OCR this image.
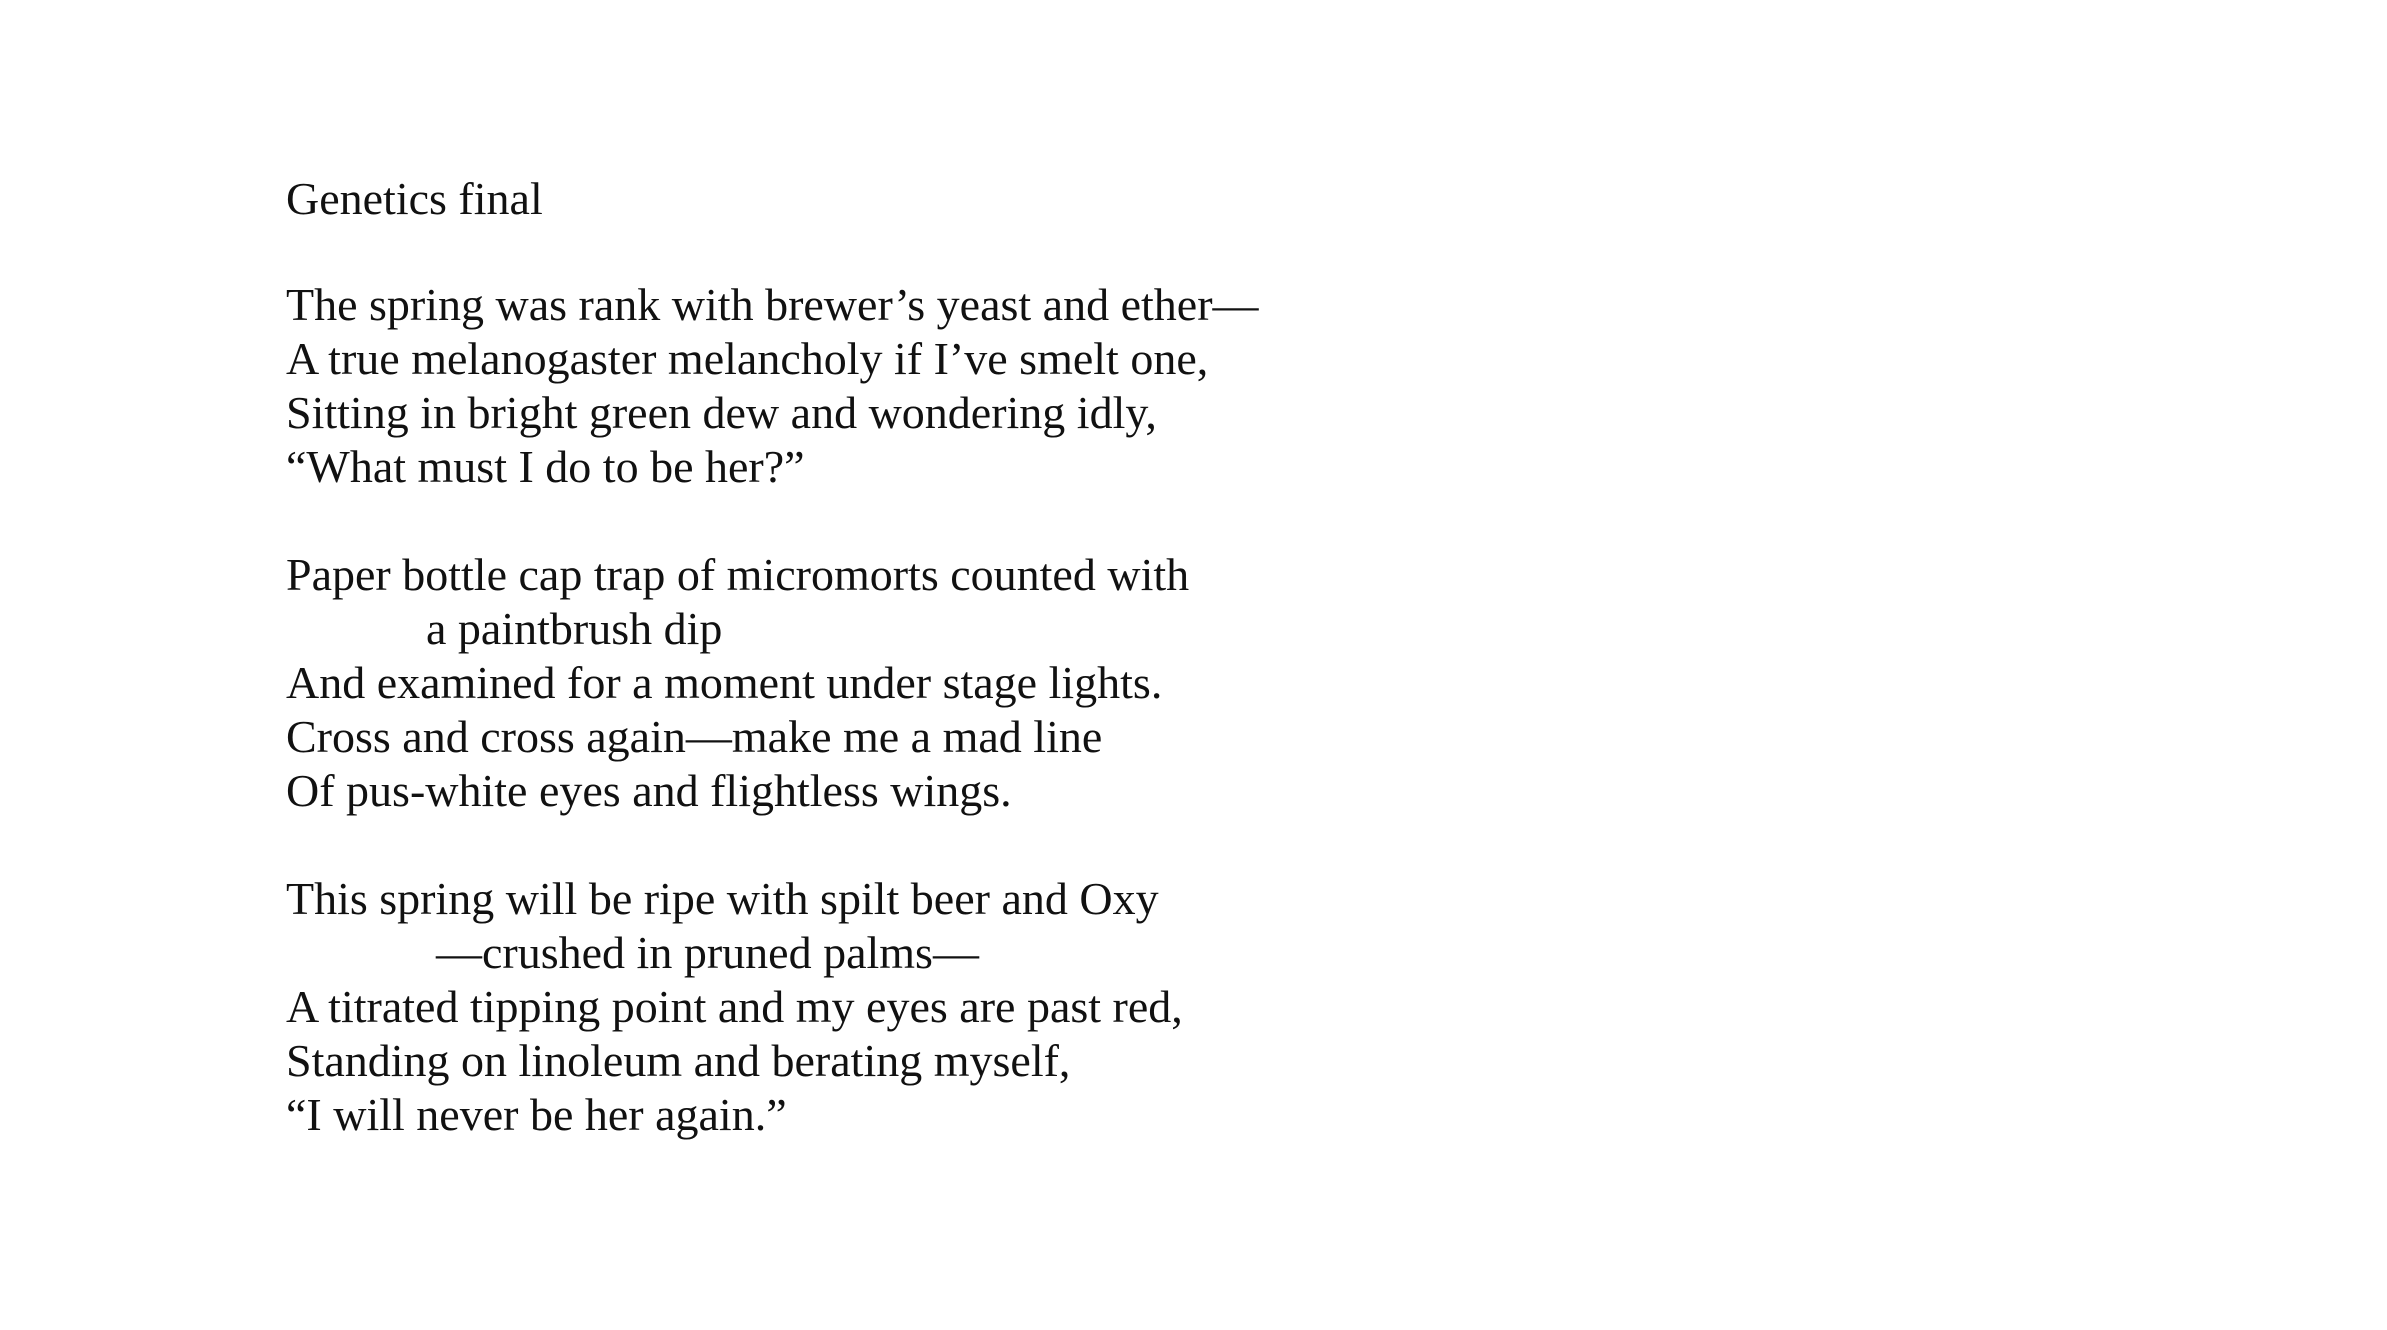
Genetics final
The spring was rank with brewer’s yeast and ether—
A true melanogaster melancholy if I’ve smelt one,
Sitting in bright green dew and wondering idly,
“What must I do to be her?”
Paper bottle cap trap of micromorts counted with
a paintbrush dip
And examined for a moment under stage lights.
Cross and cross again—make me a mad line
Of pus-white eyes and flightless wings.
This spring will be ripe with spilt beer and Oxy
—crushed in pruned palms—
A titrated tipping point and my eyes are past red,
Standing on linoleum and berating myself,
“I will never be her again.”
